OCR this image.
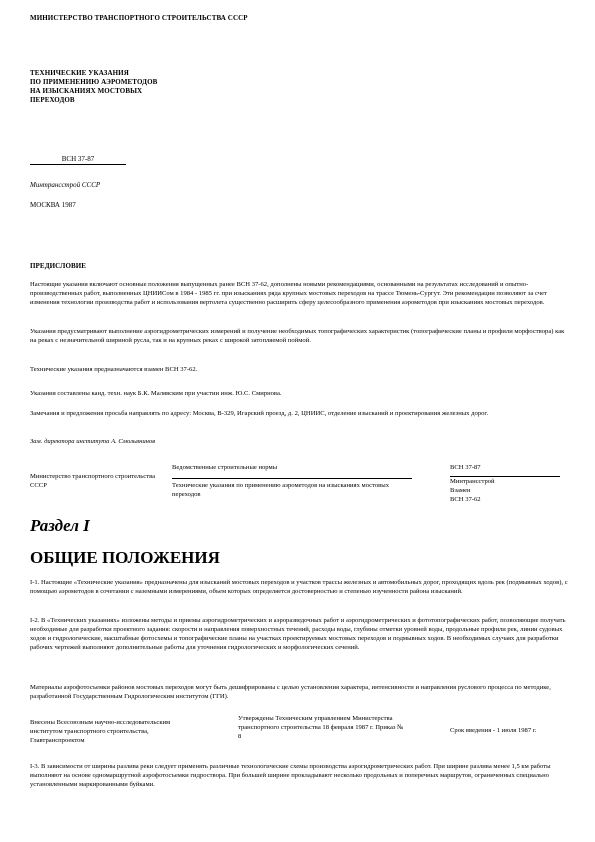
МИНИСТЕРСТВО ТРАНСПОРТНОГО СТРОИТЕЛЬСТВА СССР
ТЕХНИЧЕСКИЕ УКАЗАНИЯ
ПО ПРИМЕНЕНИЮ АЭРОМЕТОДОВ
НА ИЗЫСКАНИЯХ МОСТОВЫХ
ПЕРЕХОДОВ
ВСН 37-87
Минтрансстрой СССР
МОСКВА 1987
ПРЕДИСЛОВИЕ
Настоящие указания включают основные положения выпущенных ранее ВСН 37-62, дополнены новыми рекомендациями, основанными на результатах исследований и опытно-производственных работ, выполненных ЦНИИСом в 1984 - 1985 гг. при изысканиях ряда крупных мостовых переходов на трассе Тюмень-Сургут. Эти рекомендации позволяют за счет изменения технологии производства работ и использования вертолета существенно расширить сферу целесообразного применения аэрометодов при изысканиях мостовых переходов.
Указания предусматривают выполнение аэрогидрометрических измерений и получение необходимых топографических характеристик (топографические планы и профили морфоствора) как на реках с незначительной шириной русла, так и на крупных реках с широкой затопляемой поймой.
Технические указания предназначаются взамен ВСН 37-62.
Указания составлены канд. техн. наук Б.К. Малявским при участии инж. Ю.С. Смирнова.
Замечания и предложения просьба направлять по адресу: Москва, В-329, Игарский проезд, д. 2, ЦНИИС, отделение изысканий и проектирования железных дорог.
Зам. директора института А. Смольянинов
Министерство транспортного строительства СССР
Ведомственные строительные нормы
Технические указания по применению аэрометодов на изысканиях мостовых переходов
ВСН 37-87
Минтрансстрой
Взамен
ВСН 37-62
Раздел I
ОБЩИЕ ПОЛОЖЕНИЯ
I-1. Настоящие «Технические указания» предназначены для изысканий мостовых переходов и участков трассы железных и автомобильных дорог, проходящих вдоль рек (подмывных ходов), с помощью аэрометодов в сочетании с наземными измерениями, объем которых определяется достоверностью и степенью изученности района изысканий.
I-2. В «Технических указаниях» изложены методы и приемы аэрогидрометрических и аэроразведочных работ и аэрогидрометрических и фототопографических работ, позволяющие получать необходимые для разработки проектного задания: скорости и направления поверхностных течений, расходы воды, глубины отметки уровней воды, продольные профили рек, линии судовых ходов и гидрологические, масштабные фотосхемы и топографические планы на участках проектируемых мостовых переходов и подмывных ходов. В необходимых случаях для разработки рабочих чертежей выполняют дополнительные работы для уточнения гидрологических и морфологических сечений.
Материалы аэрофотосъемки районов мостовых переходов могут быть дешифрированы с целью установления характера, интенсивности и направления руслового процесса по методике, разработанной Государственным Гидрологическим институтом (ГГИ).
Внесены Всесоюзным научно-исследовательским институтом транспортного строительства, Главтранспроектом
Утверждены Техническим управлением Министерства транспортного строительства 18 февраля 1987 г. Приказ № 8
Срок введения - 1 июля 1987 г.
I-3. В зависимости от ширины разлива реки следует применять различные технологические схемы производства аэрогидрометрических работ. При ширине разлива менее 1,5 км работы выполняют на основе одномаршрутной аэрофотосъемки гидроствора. При большей ширине прокладывают несколько продольных и поперечных маршрутов, ограниченных специально установленными маркированными буйками.
